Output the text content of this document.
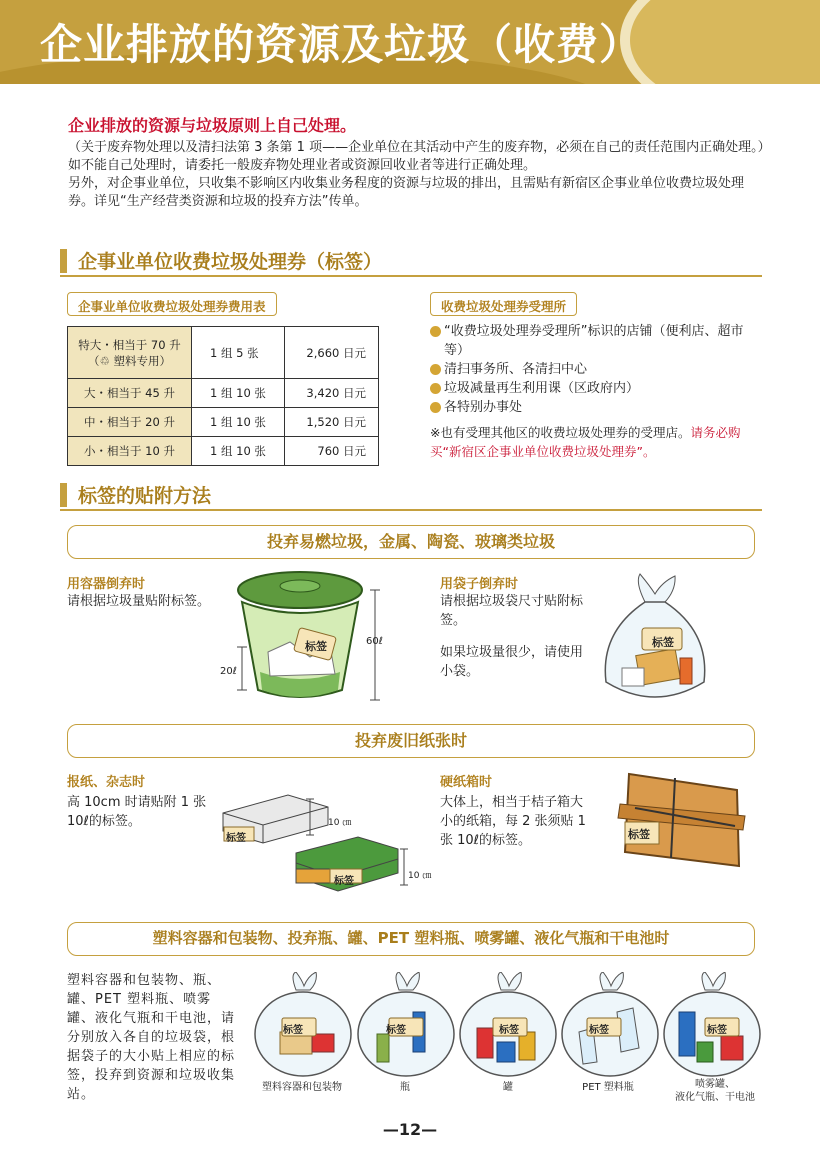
企业排放的资源及垃圾（收费）
企业排放的资源与垃圾原则上自己处理。
（关于废弃物处理以及清扫法第 3 条第 1 项——企业单位在其活动中产生的废弃物，必须在自己的责任范围内正确处理。）
如不能自己处理时，请委托一般废弃物处理业者或资源回收业者等进行正确处理。
另外，对企事业单位，只收集不影响区内收集业务程度的资源与垃圾的排出，且需贴有新宿区企事业单位收费垃圾处理券。详见“生产经营类资源和垃圾的投弃方法”传单。
企事业单位收费垃圾处理券（标签）
企事业单位收费垃圾处理券费用表	收费垃圾处理券受理所
特大・相当于 70 升
（♲ 塑料专用）	1 组 5 张	2,660 日元
大・相当于 45 升	1 组 10 张	3,420 日元
中・相当于 20 升	1 组 10 张	1,520 日元
小・相当于 10 升	1 组 10 张	760 日元
“收费垃圾处理券受理所”标识的店铺（便利店、超市等）
清扫事务所、各清扫中心
垃圾减量再生利用课（区政府内）
各特别办事处
※也有受理其他区的收费垃圾处理券的受理店。请务必购买“新宿区企事业单位收费垃圾处理券”。
标签的贴附方法
投弃易燃垃圾，金属、陶瓷、玻璃类垃圾
用容器倒弃时
请根据垃圾量贴附标签。
标签	60ℓ
20ℓ
用袋子倒弃时
请根据垃圾袋尺寸贴附标签。
如果垃圾量很少，请使用小袋。
标签
投弃废旧纸张时
报纸、杂志时
高 10cm 时请贴附 1 张 10ℓ的标签。
标签
标签
10 ㎝
10 ㎝
硬纸箱时
大体上，相当于桔子箱大小的纸箱，每 2 张须贴 1 张 10ℓ的标签。	标签
塑料容器和包装物、投弃瓶、罐、PET 塑料瓶、喷雾罐、液化气瓶和干电池时
塑料容器和包装物、瓶、罐、PET 塑料瓶、喷雾罐、液化气瓶和干电池，请分别放入各自的垃圾袋，根据袋子的大小贴上相应的标签，投弃到资源和垃圾收集站。
标签	标签	标签	标签	标签
塑料容器和包装物	瓶	罐	PET 塑料瓶	喷雾罐、
液化气瓶、干电池
—12—
